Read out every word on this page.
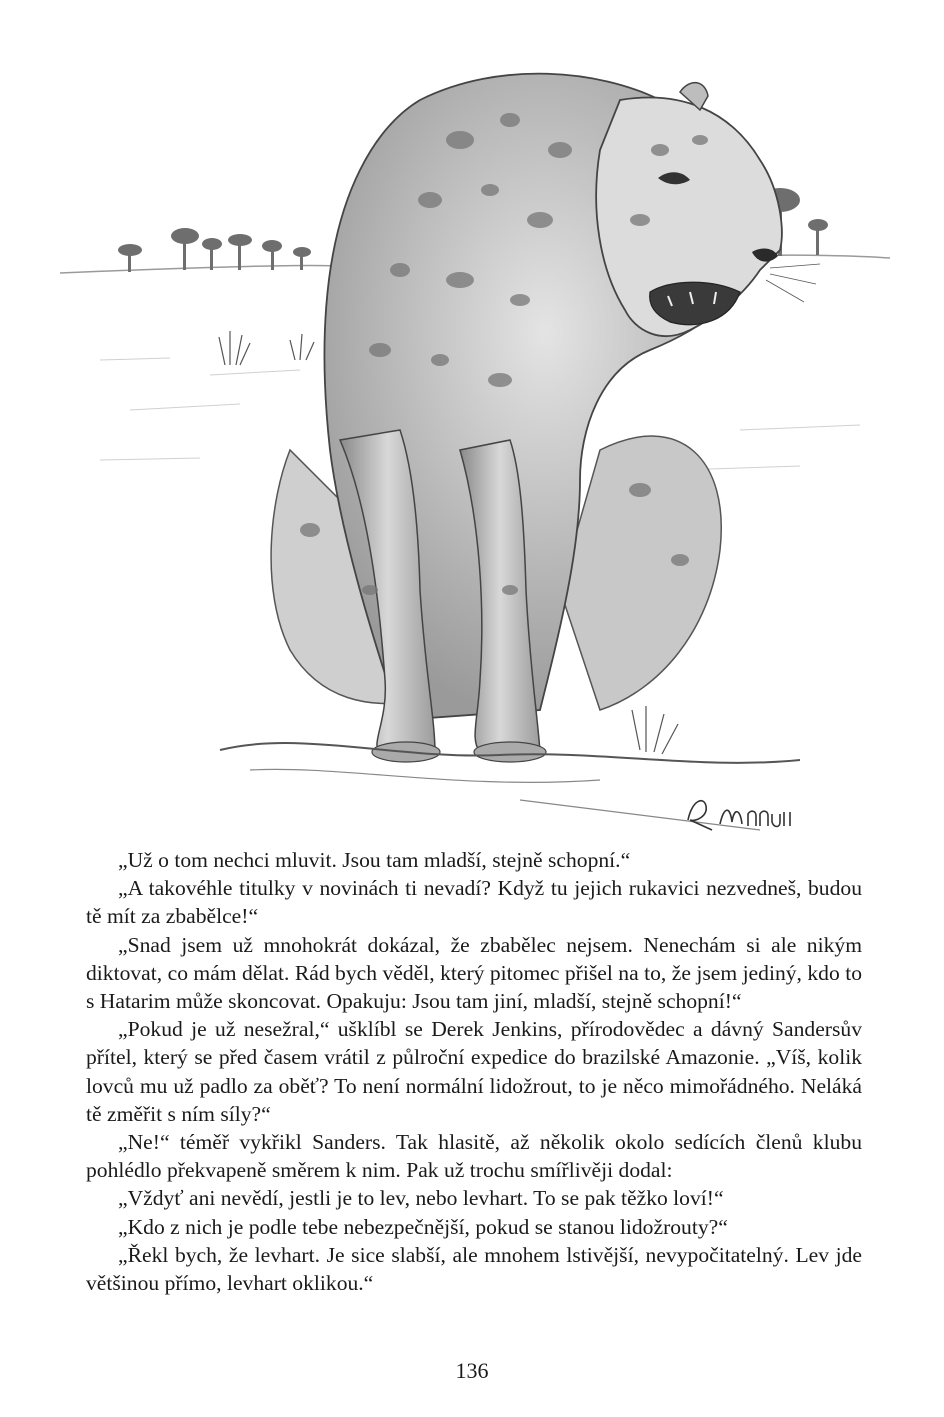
„Už o tom nechci mluvit. Jsou tam mladší, stejně schopní.“

„A takovéhle titulky v novinách ti nevadí? Když tu jejich rukavici nezvedneš, budou tě mít za zbabělce!“

„Snad jsem už mnohokrát dokázal, že zbabělec nejsem. Nenechám si ale nikým diktovat, co mám dělat. Rád bych věděl, který pitomec přišel na to, že jsem jediný, kdo to s Hatarim může skoncovat. Opakuju: Jsou tam jiní, mladší, stejně schopní!“

„Pokud je už nesežral,“ ušklíbl se Derek Jenkins, přírodovědec a dávný Sandersův přítel, který se před časem vrátil z půlroční expedice do brazilské Amazonie. „Víš, kolik lovců mu už padlo za oběť? To není normální lidožrout, to je něco mimořádného. Neláká tě změřit s ním síly?“

„Ne!“ téměř vykřikl Sanders. Tak hlasitě, až několik okolo sedících členů klubu pohlédlo překvapeně směrem k nim. Pak už trochu smířlivěji dodal:

„Vždyť ani nevědí, jestli je to lev, nebo levhart. To se pak těžko loví!“

„Kdo z nich je podle tebe nebezpečnější, pokud se stanou lidožrouty?“

„Řekl bych, že levhart. Je sice slabší, ale mnohem lstivější, nevypočitatelný. Lev jde většinou přímo, levhart oklikou.“

136
